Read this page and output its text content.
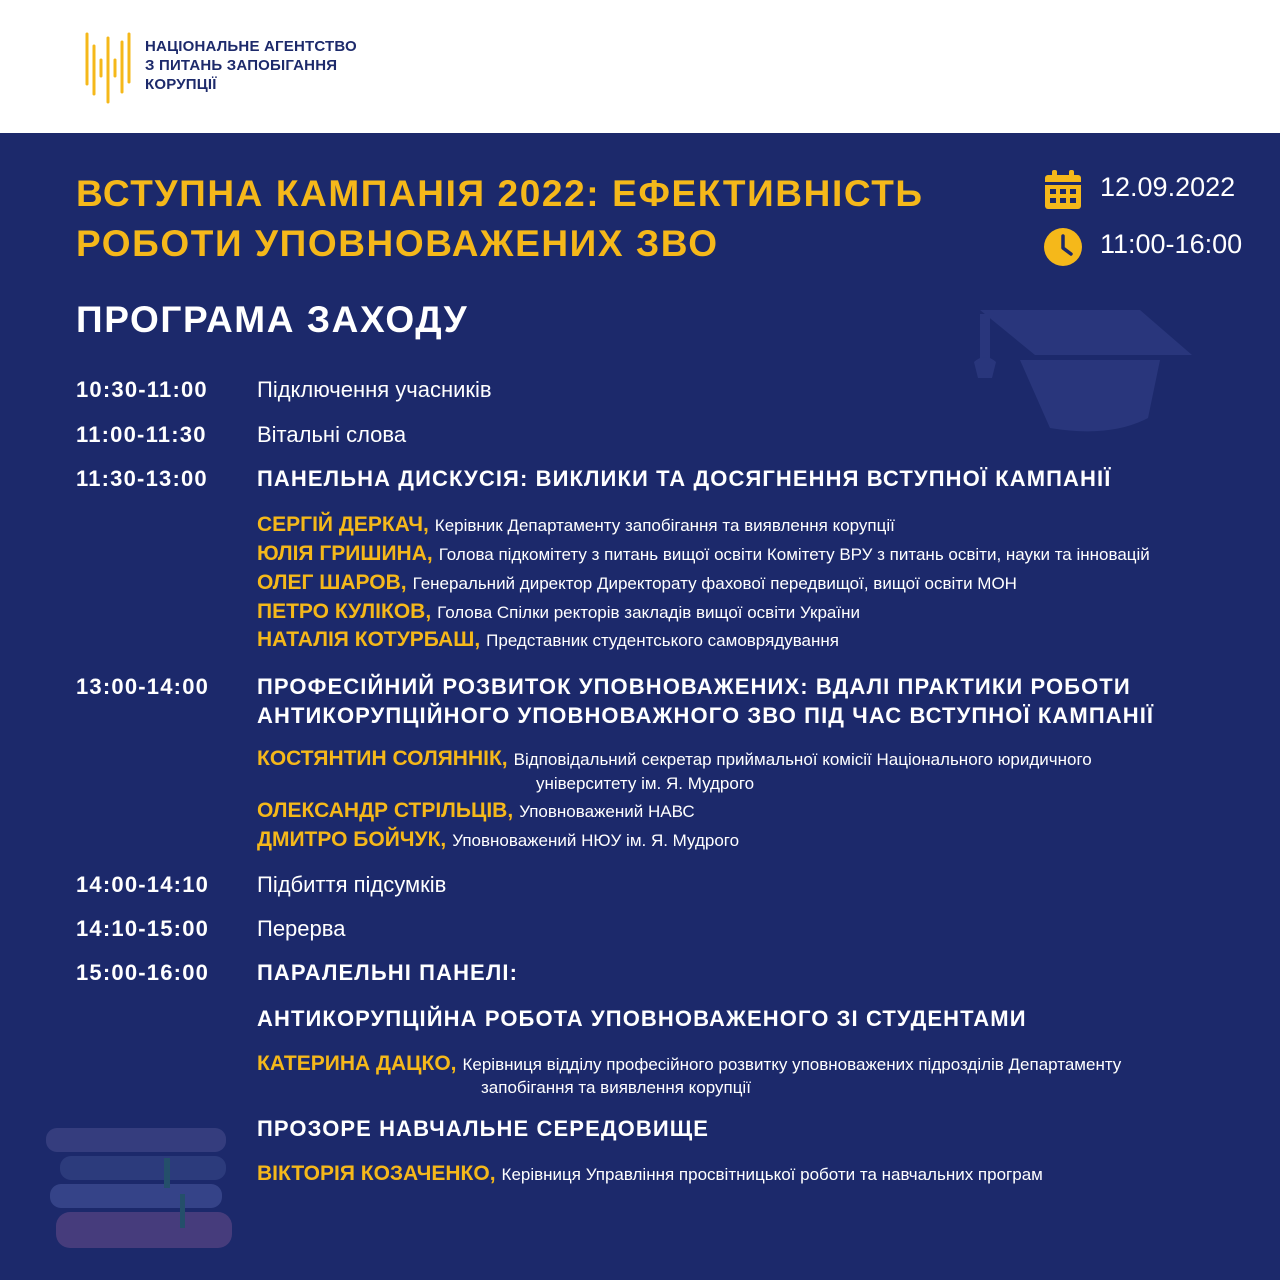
НАЦІОНАЛЬНЕ АГЕНТСТВО
З ПИТАНЬ ЗАПОБІГАННЯ
КОРУПЦІЇ
ВСТУПНА КАМПАНІЯ 2022: ЕФЕКТИВНІСТЬ
РОБОТИ УПОВНОВАЖЕНИХ ЗВО
12.09.2022
11:00-16:00
ПРОГРАМА ЗАХОДУ
10:30-11:00 Підключення учасників
11:00-11:30 Вітальні слова
11:30-13:00 ПАНЕЛЬНА ДИСКУСІЯ: ВИКЛИКИ ТА ДОСЯГНЕННЯ ВСТУПНОЇ КАМПАНІЇ
СЕРГІЙ ДЕРКАЧ, Керівник Департаменту запобігання та виявлення корупції
ЮЛІЯ ГРИШИНА, Голова підкомітету з питань вищої освіти Комітету ВРУ з питань освіти, науки та інновацій
ОЛЕГ ШАРОВ, Генеральний директор Директорату фахової передвищої, вищої освіти МОН
ПЕТРО КУЛІКОВ, Голова Спілки ректорів закладів вищої освіти України
НАТАЛІЯ КОТУРБАШ, Представник студентського самоврядування
13:00-14:00 ПРОФЕСІЙНИЙ РОЗВИТОК УПОВНОВАЖЕНИХ: ВДАЛІ ПРАКТИКИ РОБОТИ
АНТИКОРУПЦІЙНОГО УПОВНОВАЖНОГО ЗВО ПІД ЧАС ВСТУПНОЇ КАМПАНІЇ
КОСТЯНТИН СОЛЯННІК, Відповідальний секретар приймальної комісії Національного юридичного
університету ім. Я. Мудрого
ОЛЕКСАНДР СТРІЛЬЦІВ, Уповноважений НАВС
ДМИТРО БОЙЧУК, Уповноважений НЮУ ім. Я. Мудрого
14:00-14:10 Підбиття підсумків
14:10-15:00 Перерва
15:00-16:00 ПАРАЛЕЛЬНІ ПАНЕЛІ:
АНТИКОРУПЦІЙНА РОБОТА УПОВНОВАЖЕНОГО ЗІ СТУДЕНТАМИ
КАТЕРИНА ДАЦКО, Керівниця відділу професійного розвитку уповноважених підрозділів Департаменту
запобігання та виявлення корупції
ПРОЗОРЕ НАВЧАЛЬНЕ СЕРЕДОВИЩЕ
ВІКТОРІЯ КОЗАЧЕНКО, Керівниця Управління просвітницької роботи та навчальних програм
